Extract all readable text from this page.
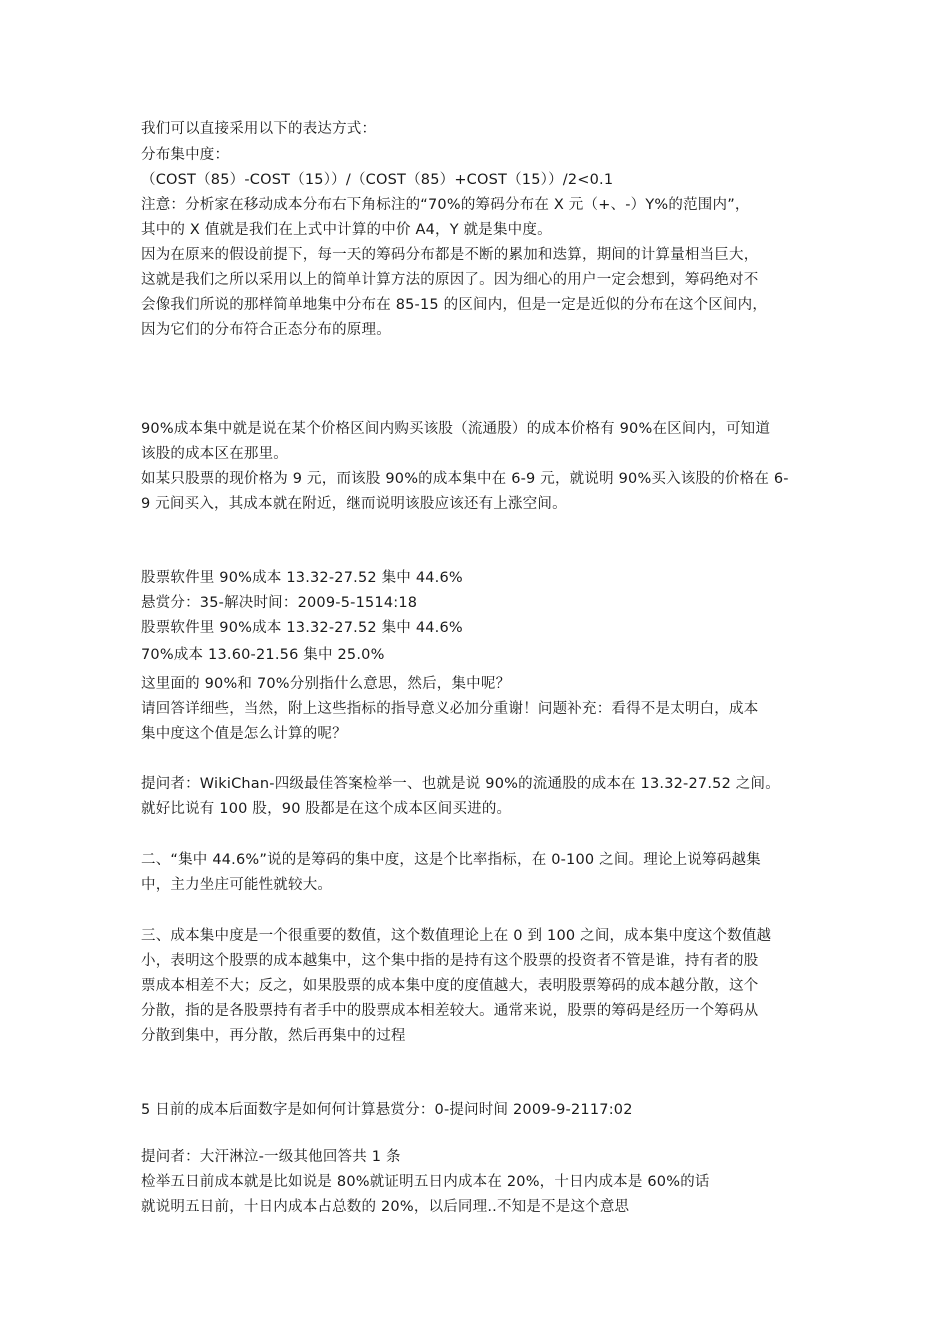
我们可以直接采用以下的表达方式：
分布集中度：
（COST（85）-COST（15））/（COST（85）+COST（15））/2<0.1
注意：分析家在移动成本分布右下角标注的“70%的筹码分布在 X 元（+、-）Y%的范围内”，
其中的 X 值就是我们在上式中计算的中价 A4，Y 就是集中度。
因为在原来的假设前提下，每一天的筹码分布都是不断的累加和迭算，期间的计算量相当巨大，
这就是我们之所以采用以上的简单计算方法的原因了。因为细心的用户一定会想到，筹码绝对不
会像我们所说的那样简单地集中分布在 85-15 的区间内，但是一定是近似的分布在这个区间内，
因为它们的分布符合正态分布的原理。
90%成本集中就是说在某个价格区间内购买该股（流通股）的成本价格有 90%在区间内，可知道
该股的成本区在那里。
如某只股票的现价格为 9 元，而该股 90%的成本集中在 6-9 元，就说明 90%买入该股的价格在 6-
9 元间买入，其成本就在附近，继而说明该股应该还有上涨空间。
股票软件里 90%成本 13.32-27.52 集中 44.6%
悬赏分：35-解决时间：2009-5-1514:18
股票软件里 90%成本 13.32-27.52 集中 44.6%
70%成本 13.60-21.56 集中 25.0%
这里面的 90%和 70%分别指什么意思，然后，集中呢？
请回答详细些，当然，附上这些指标的指导意义必加分重谢！问题补充：看得不是太明白，成本
集中度这个值是怎么计算的呢？
提问者：WikiChan-四级最佳答案检举一、也就是说 90%的流通股的成本在 13.32-27.52 之间。
就好比说有 100 股，90 股都是在这个成本区间买进的。
二、“集中 44.6%”说的是筹码的集中度，这是个比率指标，在 0-100 之间。理论上说筹码越集
中，主力坐庄可能性就较大。
三、成本集中度是一个很重要的数值，这个数值理论上在 0 到 100 之间，成本集中度这个数值越
小，表明这个股票的成本越集中，这个集中指的是持有这个股票的投资者不管是谁，持有者的股
票成本相差不大；反之，如果股票的成本集中度的度值越大，表明股票筹码的成本越分散，这个
分散，指的是各股票持有者手中的股票成本相差较大。通常来说，股票的筹码是经历一个筹码从
分散到集中，再分散，然后再集中的过程
5 日前的成本后面数字是如何何计算悬赏分：0-提问时间 2009-9-2117:02
提问者：大汗淋泣-一级其他回答共 1 条
检举五日前成本就是比如说是 80%就证明五日内成本在 20%，十日内成本是 60%的话
就说明五日前，十日内成本占总数的 20%，以后同理..不知是不是这个意思
